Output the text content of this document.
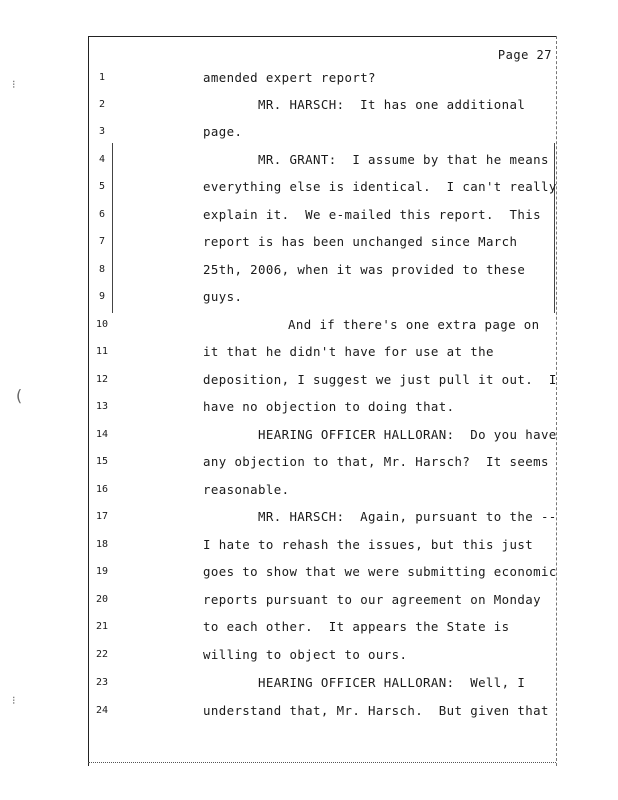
⁝
(
⁝
Page 27
1
2
3
4
5
6
7
8
9
10
11
12
13
14
15
16
17
18
19
20
21
22
23
24
amended expert report?
MR. HARSCH:  It has one additional
page.
MR. GRANT:  I assume by that he means
everything else is identical.  I can't really
explain it.  We e-mailed this report.  This
report is has been unchanged since March
25th, 2006, when it was provided to these
guys.
And if there's one extra page on
it that he didn't have for use at the
deposition, I suggest we just pull it out.  I
have no objection to doing that.
HEARING OFFICER HALLORAN:  Do you have
any objection to that, Mr. Harsch?  It seems
reasonable.
MR. HARSCH:  Again, pursuant to the --
I hate to rehash the issues, but this just
goes to show that we were submitting economic
reports pursuant to our agreement on Monday
to each other.  It appears the State is
willing to object to ours.
HEARING OFFICER HALLORAN:  Well, I
understand that, Mr. Harsch.  But given that
